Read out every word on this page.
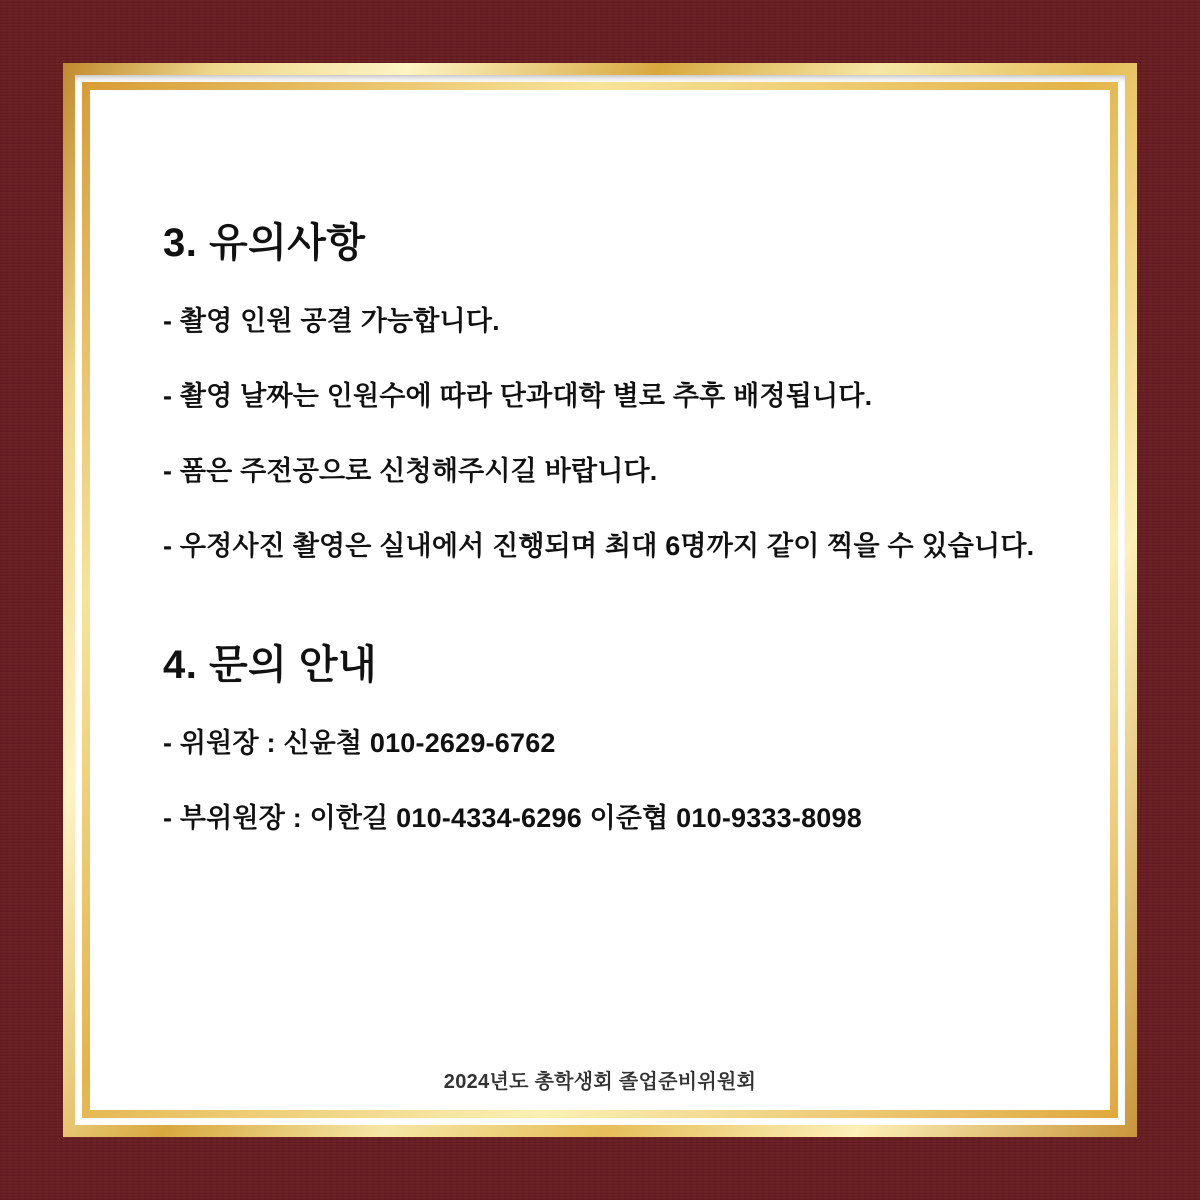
3. 유의사항

- 촬영 인원 공결 가능합니다.

- 촬영 날짜는 인원수에 따라 단과대학 별로 추후 배정됩니다.

- 폼은 주전공으로 신청해주시길 바랍니다.

- 우정사진 촬영은 실내에서 진행되며 최대 6명까지 같이 찍을 수 있습니다.

4. 문의 안내

- 위원장 : 신윤철 010-2629-6762

- 부위원장 : 이한길 010-4334-6296 이준협 010-9333-8098

2024년도 총학생회 졸업준비위원회
